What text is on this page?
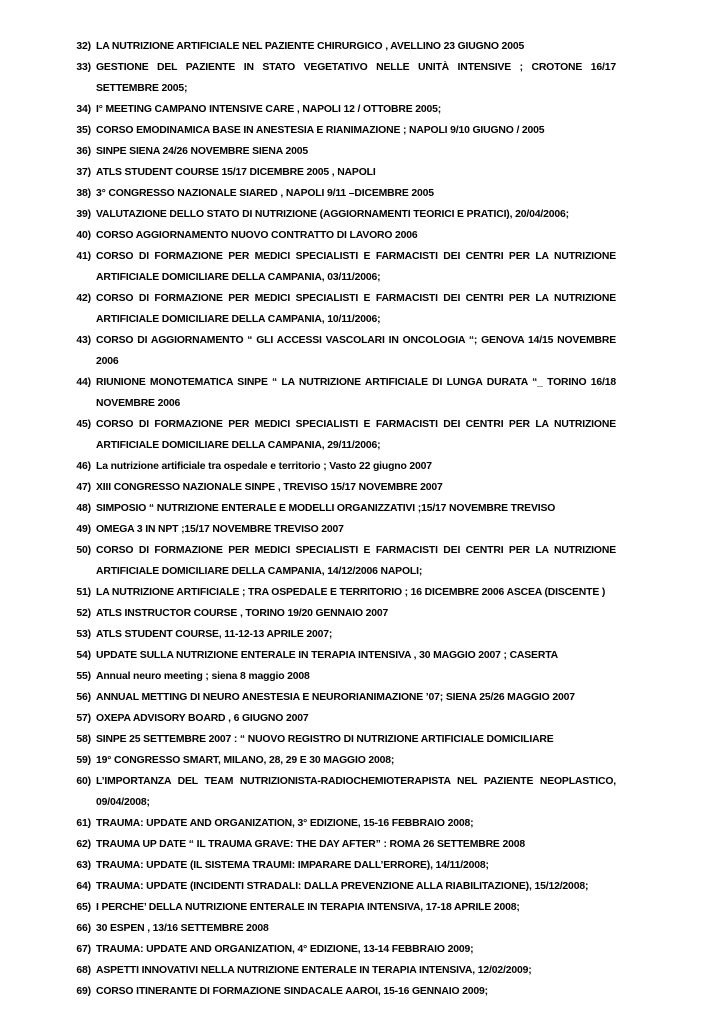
32) LA NUTRIZIONE ARTIFICIALE NEL PAZIENTE CHIRURGICO , AVELLINO 23 GIUGNO 2005

33) GESTIONE DEL PAZIENTE IN STATO VEGETATIVO NELLE UNITÀ INTENSIVE ; CROTONE 16/17 SETTEMBRE 2005;

34) I° MEETING CAMPANO INTENSIVE CARE , NAPOLI 12 / OTTOBRE 2005;

35) CORSO EMODINAMICA BASE IN ANESTESIA E RIANIMAZIONE ; NAPOLI 9/10 GIUGNO / 2005

36) SINPE SIENA 24/26 NOVEMBRE SIENA 2005

37) ATLS STUDENT COURSE 15/17 DICEMBRE 2005 , NAPOLI

38) 3° CONGRESSO NAZIONALE SIARED , NAPOLI 9/11 –DICEMBRE 2005

39) VALUTAZIONE DELLO STATO DI NUTRIZIONE (AGGIORNAMENTI TEORICI E PRATICI), 20/04/2006;

40) CORSO AGGIORNAMENTO NUOVO CONTRATTO DI LAVORO 2006

41) CORSO DI FORMAZIONE PER MEDICI SPECIALISTI E FARMACISTI DEI CENTRI PER LA NUTRIZIONE ARTIFICIALE DOMICILIARE DELLA CAMPANIA, 03/11/2006;

42) CORSO DI FORMAZIONE PER MEDICI SPECIALISTI E FARMACISTI DEI CENTRI PER LA NUTRIZIONE ARTIFICIALE DOMICILIARE DELLA CAMPANIA, 10/11/2006;

43) CORSO DI AGGIORNAMENTO “ GLI ACCESSI VASCOLARI IN ONCOLOGIA “; GENOVA 14/15 NOVEMBRE 2006

44) RIUNIONE MONOTEMATICA SINPE “ LA NUTRIZIONE ARTIFICIALE DI LUNGA DURATA “_ TORINO 16/18 NOVEMBRE 2006

45) CORSO DI FORMAZIONE PER MEDICI SPECIALISTI E FARMACISTI DEI CENTRI PER LA NUTRIZIONE ARTIFICIALE DOMICILIARE DELLA CAMPANIA, 29/11/2006;

46) La nutrizione artificiale tra ospedale e territorio ; Vasto 22 giugno 2007

47) XIII CONGRESSO NAZIONALE SINPE , TREVISO 15/17 NOVEMBRE 2007

48) SIMPOSIO “ NUTRIZIONE ENTERALE E MODELLI ORGANIZZATIVI ;15/17 NOVEMBRE TREVISO

49) OMEGA 3 IN NPT ;15/17 NOVEMBRE TREVISO 2007

50) CORSO DI FORMAZIONE PER MEDICI SPECIALISTI E FARMACISTI DEI CENTRI PER LA NUTRIZIONE ARTIFICIALE DOMICILIARE DELLA CAMPANIA, 14/12/2006 NAPOLI;

51) LA NUTRIZIONE ARTIFICIALE ; TRA OSPEDALE E TERRITORIO ; 16 DICEMBRE 2006 ASCEA (DISCENTE )

52) ATLS INSTRUCTOR COURSE , TORINO 19/20 GENNAIO 2007

53) ATLS STUDENT COURSE, 11-12-13 APRILE 2007;

54) UPDATE SULLA NUTRIZIONE ENTERALE IN TERAPIA INTENSIVA , 30 MAGGIO 2007 ; CASERTA

55) Annual neuro meeting ; siena 8 maggio 2008

56) ANNUAL METTING DI NEURO ANESTESIA E NEURORIANIMAZIONE ’07; SIENA 25/26 MAGGIO 2007

57) OXEPA ADVISORY BOARD , 6 GIUGNO 2007

58) SINPE 25 SETTEMBRE 2007 : “ NUOVO REGISTRO DI NUTRIZIONE ARTIFICIALE DOMICILIARE

59) 19° CONGRESSO SMART, MILANO, 28, 29 E 30 MAGGIO 2008;

60) L’IMPORTANZA DEL TEAM NUTRIZIONISTA-RADIOCHEMIOTERAPISTA NEL PAZIENTE NEOPLASTICO, 09/04/2008;

61) TRAUMA: UPDATE AND ORGANIZATION, 3° EDIZIONE, 15-16 FEBBRAIO 2008;

62) TRAUMA UP DATE “ IL TRAUMA GRAVE: THE DAY AFTER” : ROMA 26 SETTEMBRE 2008

63) TRAUMA: UPDATE (IL SISTEMA TRAUMI: IMPARARE DALL’ERRORE), 14/11/2008;

64) TRAUMA: UPDATE (INCIDENTI STRADALI: DALLA PREVENZIONE ALLA RIABILITAZIONE), 15/12/2008;

65) I PERCHE’ DELLA NUTRIZIONE ENTERALE IN TERAPIA INTENSIVA, 17-18 APRILE 2008;

66) 30 ESPEN , 13/16 SETTEMBRE 2008

67) TRAUMA: UPDATE AND ORGANIZATION, 4° EDIZIONE, 13-14 FEBBRAIO 2009;

68) ASPETTI INNOVATIVI NELLA NUTRIZIONE ENTERALE IN TERAPIA INTENSIVA, 12/02/2009;

69) CORSO ITINERANTE DI FORMAZIONE SINDACALE AAROI, 15-16 GENNAIO 2009;
